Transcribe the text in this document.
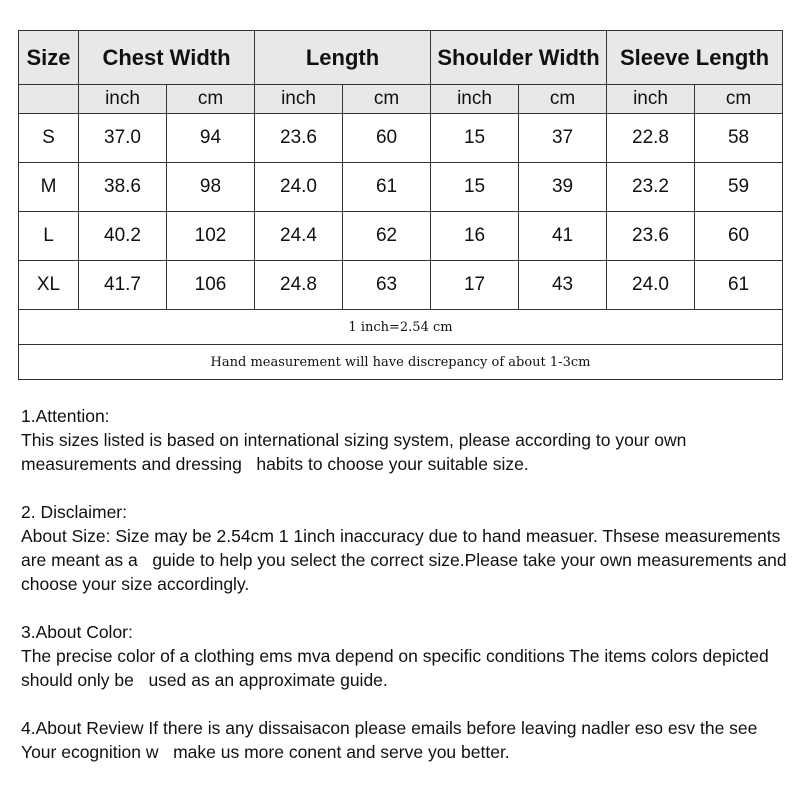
Size	Chest Width		Length		Shoulder Width		Sleeve Length	
	inch	cm	inch	cm	inch	cm	inch	cm
S	37.0	94	23.6	60	15	37	22.8	58
M	38.6	98	24.0	61	15	39	23.2	59
L	40.2	102	24.4	62	16	41	23.6	60
XL	41.7	106	24.8	63	17	43	24.0	61
1 inch=2.54 cm								
Hand measurement will have discrepancy of about 1-3cm								

1.Attention:
This sizes listed is based on international sizing system, please according to your own measurements and dressing   habits to choose your suitable size.

2. Disclaimer:
About Size: Size may be 2.54cm 1 1inch inaccuracy due to hand measuer. Thsese measurements are meant as a   guide to help you select the correct size.Please take your own measurements and choose your size accordingly.

3.About Color:
The precise color of a clothing ems mva depend on specific conditions The items colors depicted should only be   used as an approximate guide.

4.About Review If there is any dissaisacon please emails before leaving nadler eso esv the see Your ecognition w   make us more conent and serve you better.
